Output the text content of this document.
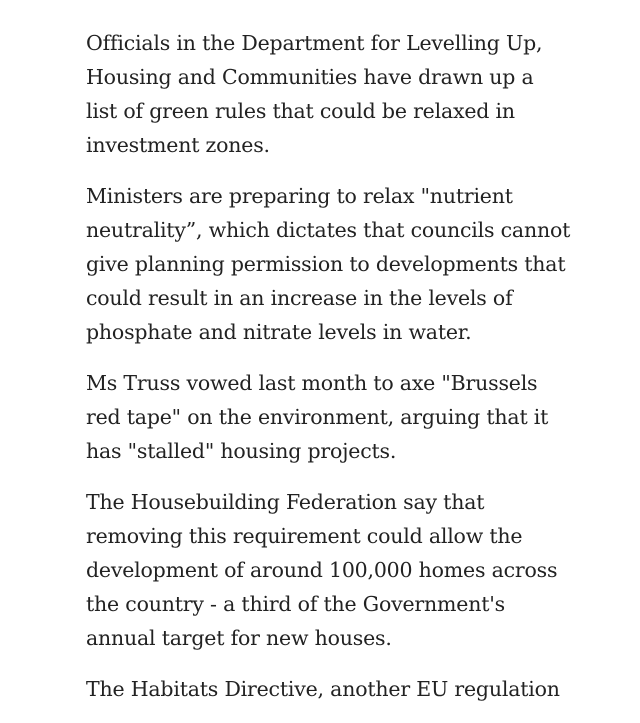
Officials in the Department for Levelling Up,
Housing and Communities have drawn up a
list of green rules that could be relaxed in
investment zones.

Ministers are preparing to relax "nutrient
neutrality”, which dictates that councils cannot
give planning permission to developments that
could result in an increase in the levels of
phosphate and nitrate levels in water.

Ms Truss vowed last month to axe "Brussels
red tape" on the environment, arguing that it
has "stalled" housing projects.

The Housebuilding Federation say that
removing this requirement could allow the
development of around 100,000 homes across
the country - a third of the Government's
annual target for new houses.

The Habitats Directive, another EU regulation
